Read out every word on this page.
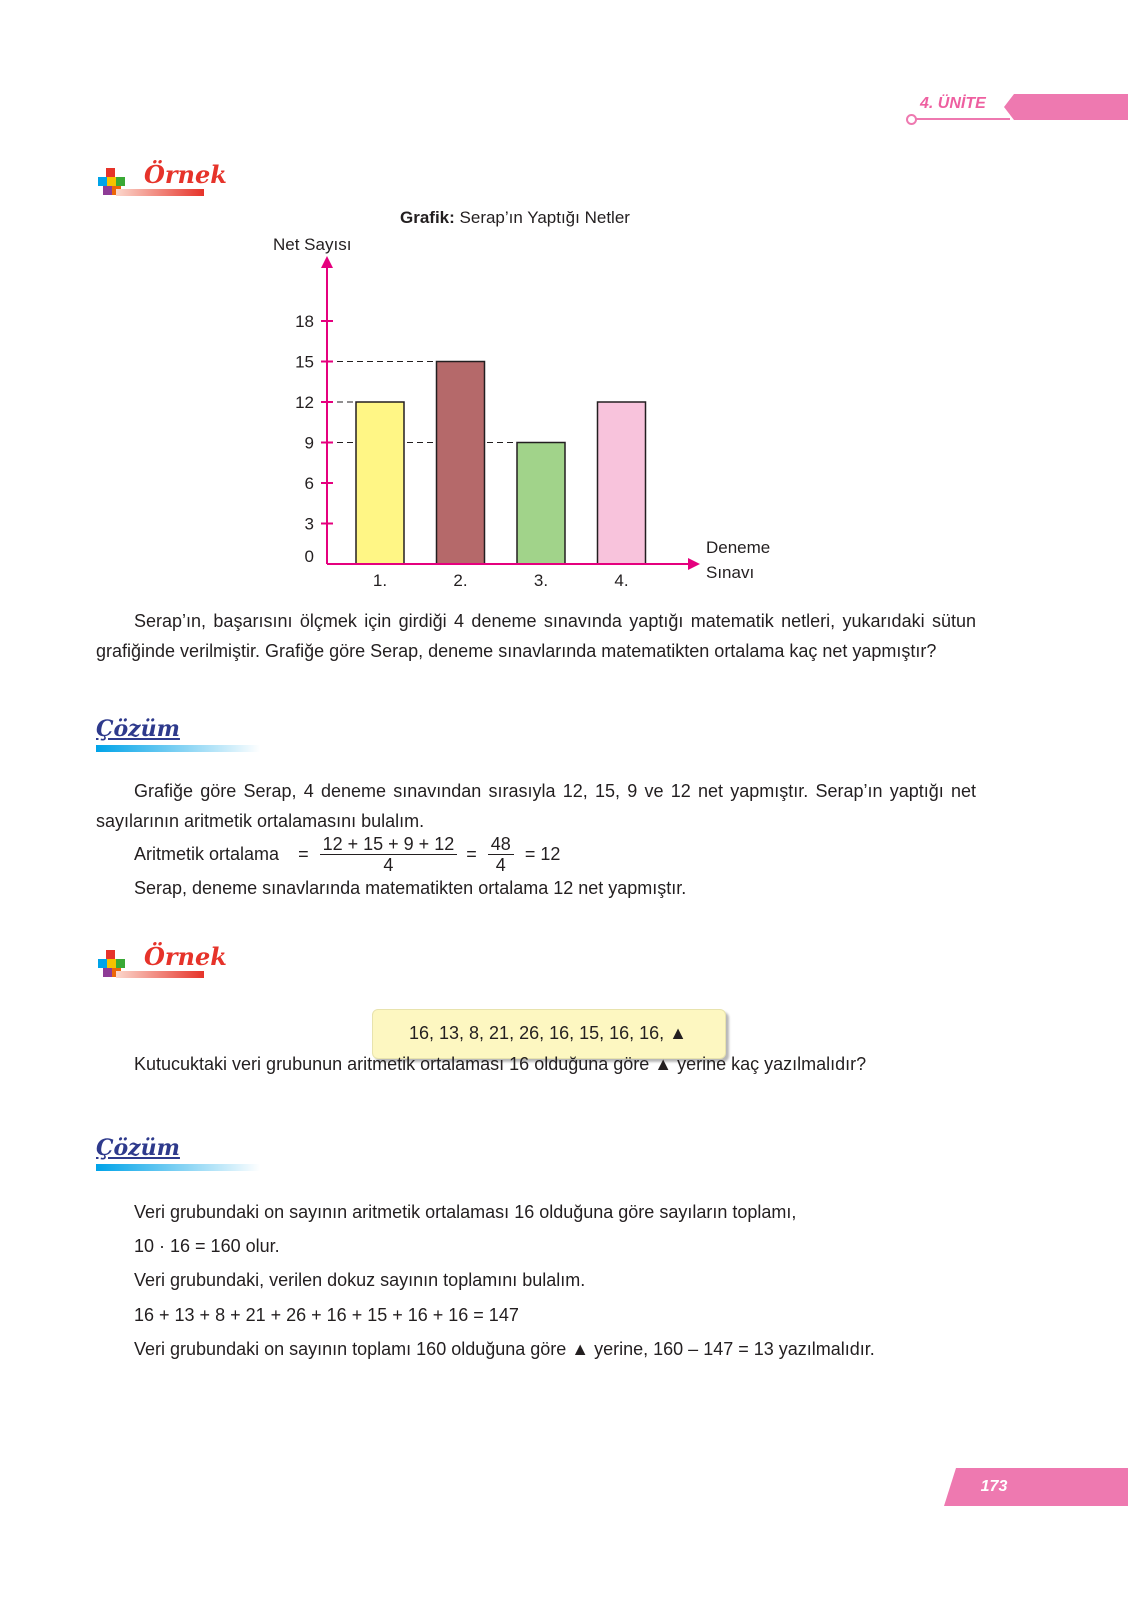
4. ÜNİTE
Örnek
Grafik: Serap’ın Yaptığı Netler
0
3
6
9
12
15
18
1.	2.	3.	4.
Net Sayısı
Deneme
Sınavı

Serap’ın, başarısını ölçmek için girdiği 4 deneme sınavında yaptığı matematik netleri, yukarıdaki sütun grafiğinde verilmiştir. Grafiğe göre Serap, deneme sınavlarında matematikten ortalama kaç net yapmıştır?

Çözüm

Grafiğe göre Serap, 4 deneme sınavından sırasıyla 12, 15, 9 ve 12 net yapmıştır. Serap’ın yaptığı net sayılarının aritmetik ortalamasını bulalım.

Aritmetik ortalama = $\frac{12 + 15 + 9 + 12}{4} = \frac{48}{4} = 12$
Serap, deneme sınavlarında matematikten ortalama 12 net yapmıştır.
Örnek
16, 13, 8, 21, 26, 16, 15, 16, 16, ▲
Kutucuktaki veri grubunun aritmetik ortalaması 16 olduğuna göre ▲ yerine kaç yazılmalıdır?
Çözüm
Veri grubundaki on sayının aritmetik ortalaması 16 olduğuna göre sayıların toplamı,
10 · 16 = 160 olur.
Veri grubundaki, verilen dokuz sayının toplamını bulalım.
16 + 13 + 8 + 21 + 26 + 16 + 15 + 16 + 16 = 147
Veri grubundaki on sayının toplamı 160 olduğuna göre ▲ yerine, 160 – 147 = 13 yazılmalıdır.
173
